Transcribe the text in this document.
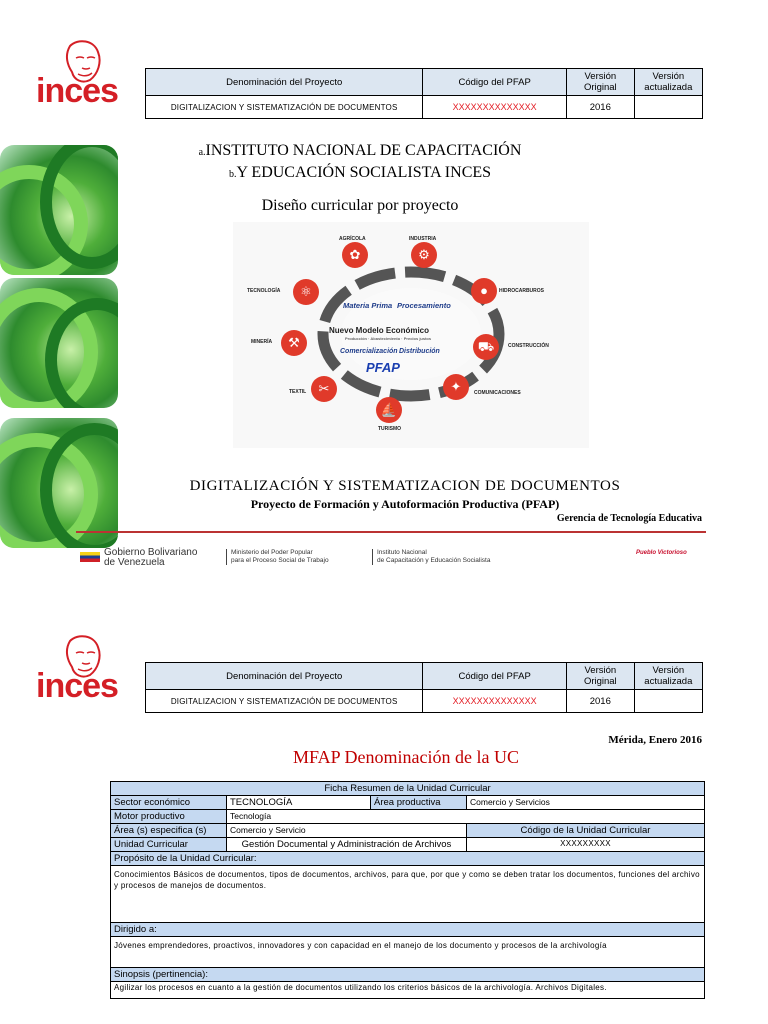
inces	Denominación del Proyecto	Código del PFAP	Versión Original	Versión actualizada
DIGITALIZACION Y SISTEMATIZACIÓN DE DOCUMENTOS	XXXXXXXXXXXXXX	2016	
a.INSTITUTO NACIONAL DE CAPACITACIÓN
b.Y EDUCACIÓN SOCIALISTA INCES
Diseño curricular por proyecto
Materia Prima Procesamiento
Nuevo Modelo Económico
Producción · Abastecimiento · Precios justos
Comercialización Distribución
PFAP
✿
AGRÍCOLA
⚙
INDUSTRIA
⚛
TECNOLOGÍA	●	HIDROCARBUROS
⚒
MINERÍA	⛟	CONSTRUCCIÓN
✂
TEXTIL	✦	COMUNICACIONES
⛵
TURISMO
DIGITALIZACIÓN Y SISTEMATIZACION DE DOCUMENTOS
Proyecto de Formación y Autoformación Productiva (PFAP)
Gerencia de Tecnología Educativa
Gobierno Bolivariano
de Venezuela
Ministerio del Poder Popular
para el Proceso Social de Trabajo
Instituto Nacional
de Capacitación y Educación Socialista
Pueblo Victorioso
inces	Denominación del Proyecto	Código del PFAP	Versión Original	Versión actualizada
DIGITALIZACION Y SISTEMATIZACIÓN DE DOCUMENTOS	XXXXXXXXXXXXXX	2016	
Mérida, Enero 2016
MFAP Denominación de la UC
Ficha Resumen de la Unidad Curricular			
Sector económico	TECNOLOGÍA	Área productiva	Comercio y Servicios
Motor productivo	Tecnología		
Área (s) especifica (s)	Comercio y Servicio		Código de la Unidad Curricular
Unidad Curricular	Gestión Documental y Administración de Archivos		XXXXXXXXX
Propósito de la Unidad Curricular:			
Conocimientos Básicos de documentos, tipos de documentos, archivos, para que, por que y como se deben tratar los documentos, funciones del archivo y procesos de manejos de documentos.			
Dirigido a:			
Jóvenes emprendedores, proactivos, innovadores y con capacidad en el manejo de los documento y procesos de la archivología			
Sinopsis (pertinencia):			
Agilizar los procesos en cuanto a la gestión de documentos utilizando los criterios básicos de la archivología. Archivos Digitales.			
